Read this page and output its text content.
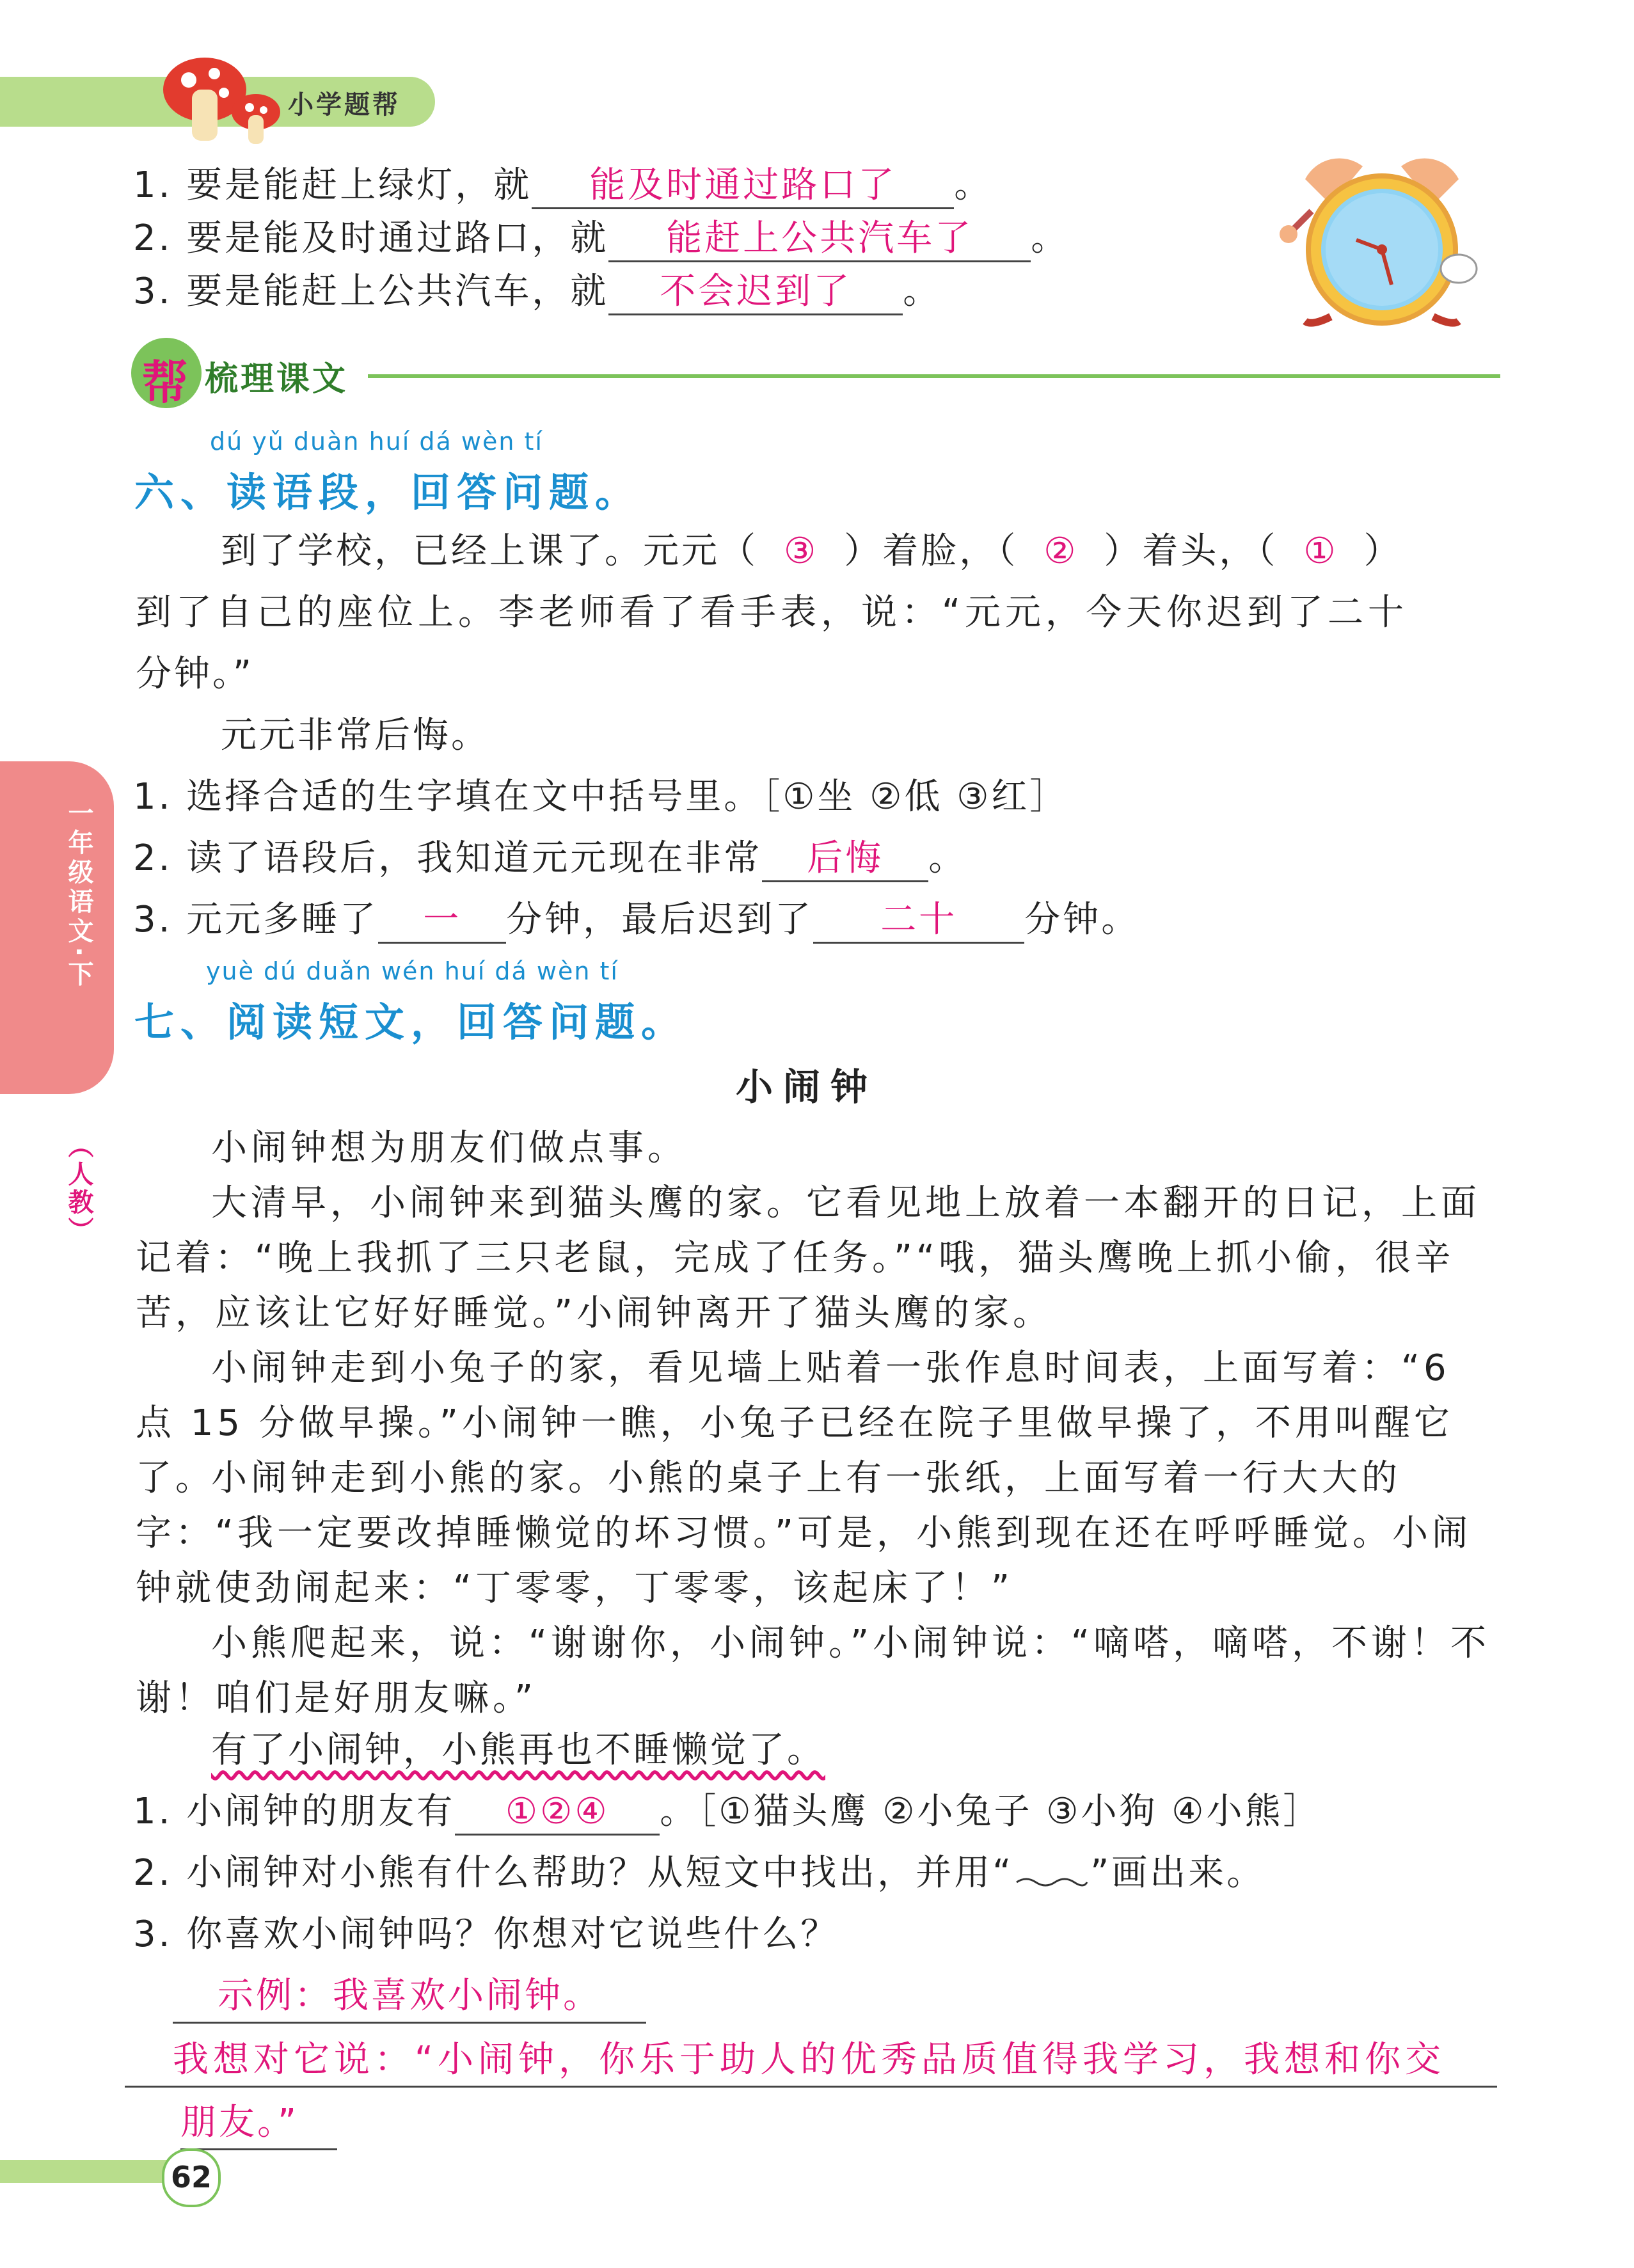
小学题帮
1. 要是能赶上绿灯，就 能及时通过路口了 。
2. 要是能及时通过路口，就 能赶上公共汽车了 。
3. 要是能赶上公共汽车，就 不会迟到了 。
帮 梳理课文
dú yǔ duàn huí dá wèn tí
六、读语段，回答问题。
到了学校，已经上课了。元元（ ③ ）着脸，（ ② ）着头，（ ① ）
到了自己的座位上。李老师看了看手表，说：“元元，今天你迟到了二十
分钟。”
元元非常后悔。
1. 选择合适的生字填在文中括号里。［①坐 ②低 ③红］
2. 读了语段后，我知道元元现在非常 后悔 。
3. 元元多睡了 一 分钟，最后迟到了 二十 分钟。
yuè dú duǎn wén huí dá wèn tí
七、阅读短文，回答问题。
小闹钟
小闹钟想为朋友们做点事。
大清早，小闹钟来到猫头鹰的家。它看见地上放着一本翻开的日记，上面记着：“晚上我抓了三只老鼠，完成了任务。”“哦，猫头鹰晚上抓小偷，很辛苦，应该让它好好睡觉。”小闹钟离开了猫头鹰的家。
小闹钟走到小兔子的家，看见墙上贴着一张作息时间表，上面写着：“6 点 15 分做早操。”小闹钟一瞧，小兔子已经在院子里做早操了，不用叫醒它了。
小闹钟走到小熊的家。小熊的桌子上有一张纸，上面写着一行大大的字：“我一定要改掉睡懒觉的坏习惯。”可是，小熊到现在还在呼呼睡觉。小闹钟就使劲闹起来：“丁零零，丁零零，该起床了！”
小熊爬起来，说：“谢谢你，小闹钟。”小闹钟说：“嘀嗒，嘀嗒，不谢！不谢！咱们是好朋友嘛。”
有了小闹钟，小熊再也不睡懒觉了。
1. 小闹钟的朋友有 ①②④ 。［①猫头鹰 ②小兔子 ③小狗 ④小熊］
2. 小闹钟对小熊有什么帮助？从短文中找出，并用“ ”画出来。
3. 你喜欢小闹钟吗？你想对它说些什么？
示例：我喜欢小闹钟。
我想对它说：“小闹钟，你乐于助人的优秀品质值得我学习，我想和你交
朋友。”
一年级语文·下
（人教）
62
